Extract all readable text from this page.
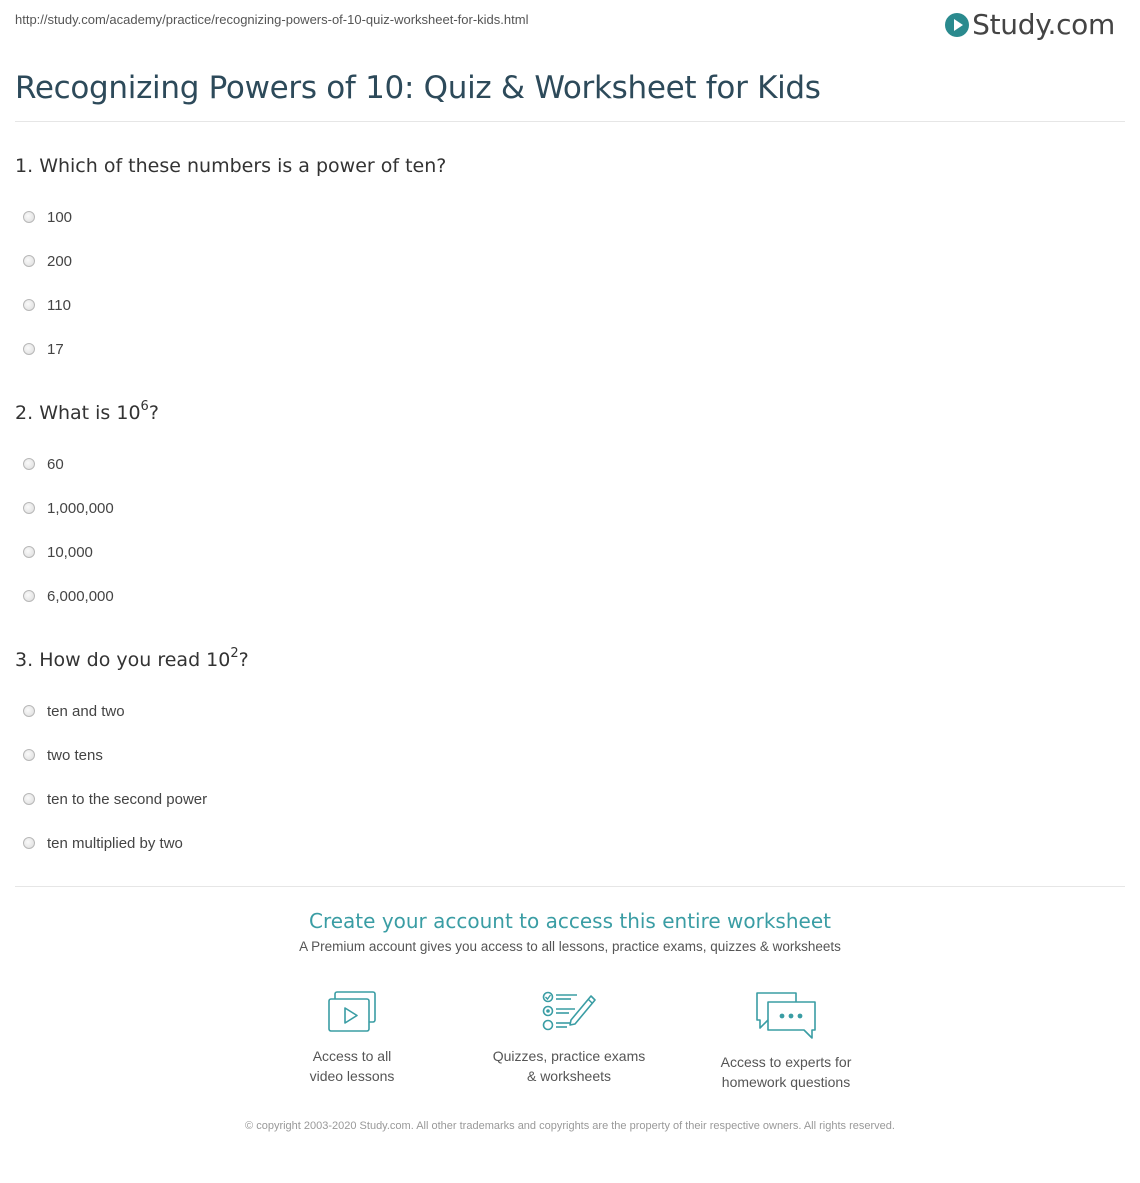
http://study.com/academy/practice/recognizing-powers-of-10-quiz-worksheet-for-kids.html	Study.com
Recognizing Powers of 10: Quiz & Worksheet for Kids
1. Which of these numbers is a power of ten?
100
200
110
17
2. What is $10^6$?
60
1,000,000
10,000
6,000,000
3. How do you read $10^2$?
ten and two
two tens
ten to the second power
ten multiplied by two
Create your account to access this entire worksheet
A Premium account gives you access to all lessons, practice exams, quizzes & worksheets
Access to all
video lessons
Quizzes, practice exams
& worksheets
Access to experts for
homework questions
© copyright 2003-2020 Study.com. All other trademarks and copyrights are the property of their respective owners. All rights reserved.
